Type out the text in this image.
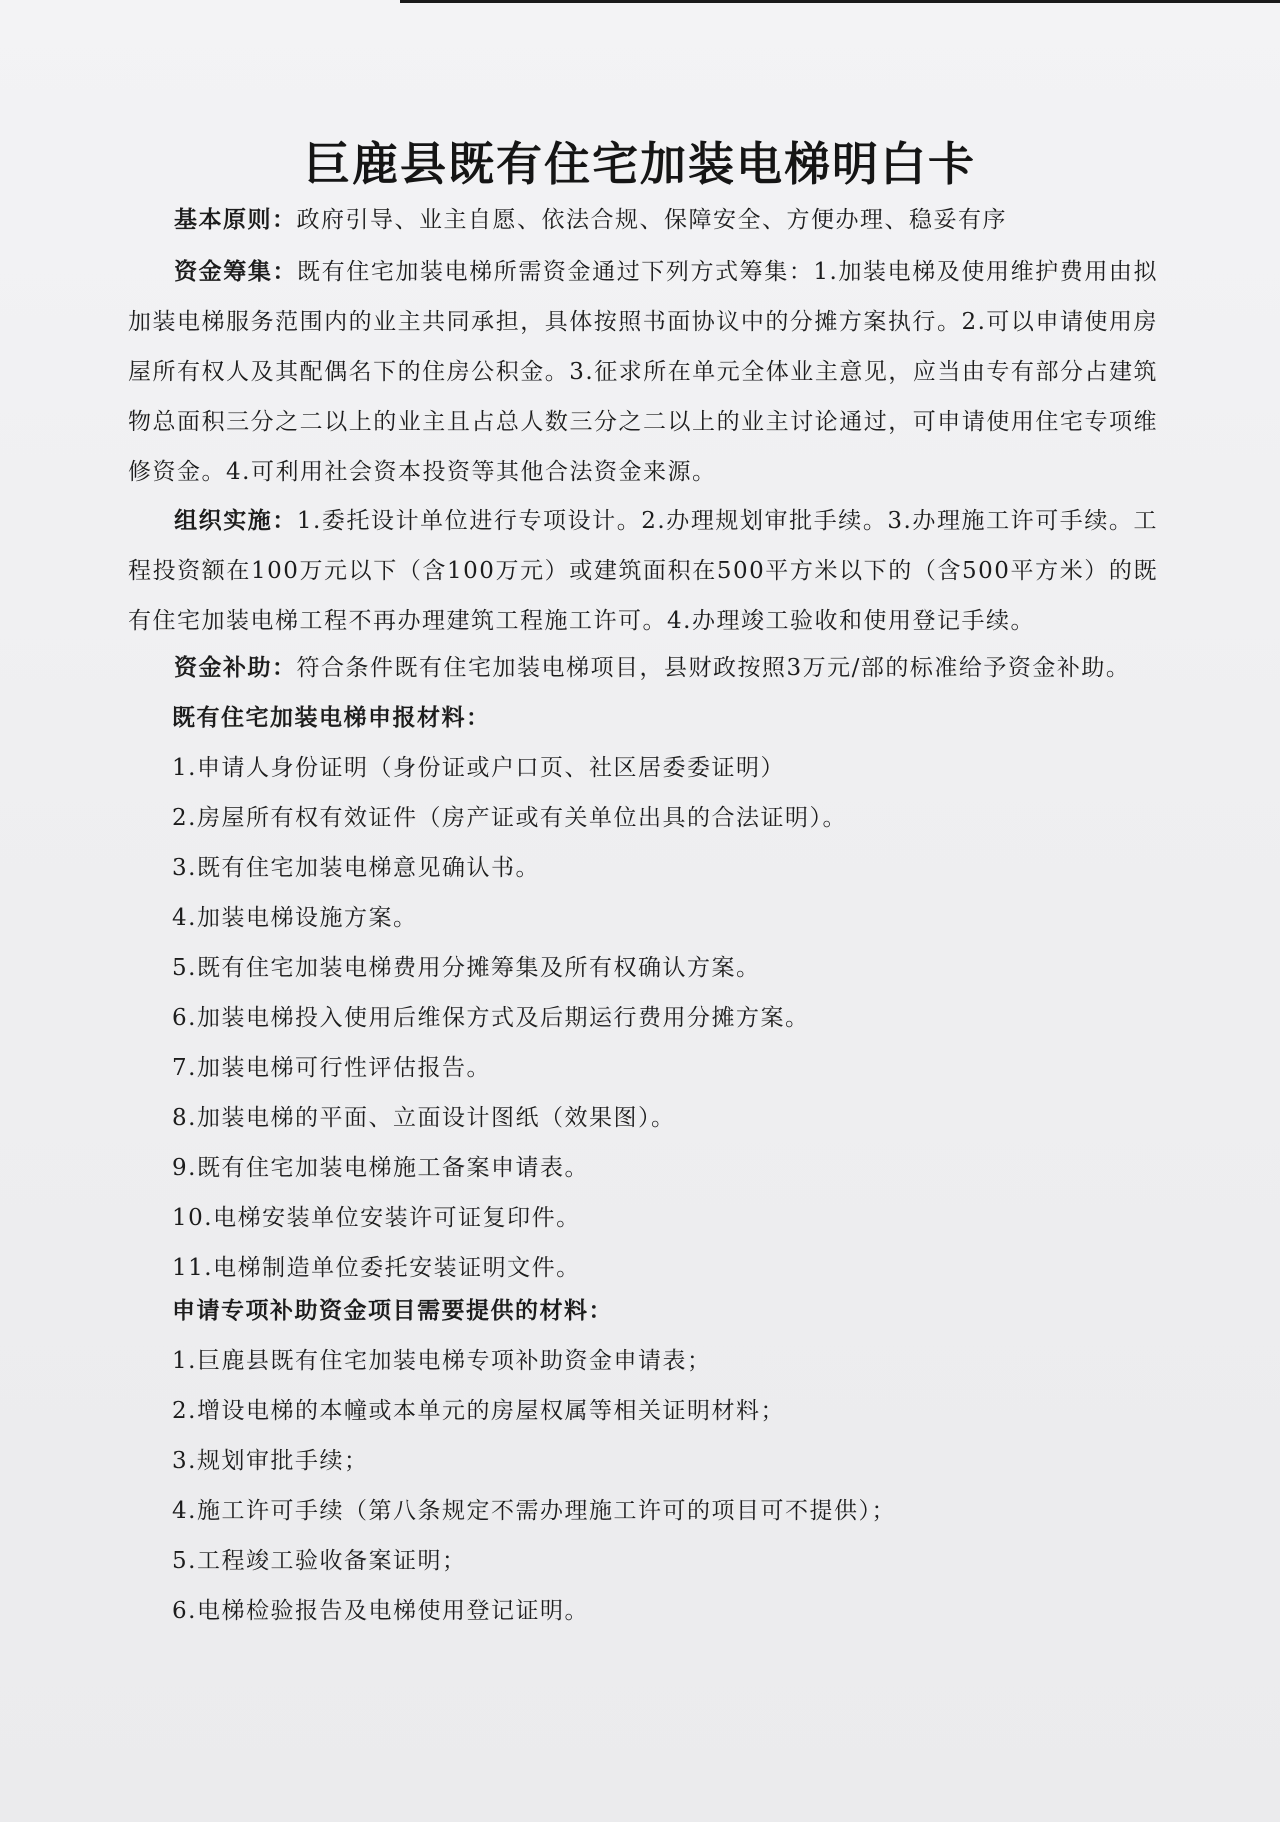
巨鹿县既有住宅加装电梯明白卡
基本原则：政府引导、业主自愿、依法合规、保障安全、方便办理、稳妥有序
资金筹集：既有住宅加装电梯所需资金通过下列方式筹集：1.加装电梯及使用维护费用由拟加装电梯服务范围内的业主共同承担，具体按照书面协议中的分摊方案执行。2.可以申请使用房屋所有权人及其配偶名下的住房公积金。3.征求所在单元全体业主意见，应当由专有部分占建筑物总面积三分之二以上的业主且占总人数三分之二以上的业主讨论通过，可申请使用住宅专项维修资金。4.可利用社会资本投资等其他合法资金来源。
组织实施：1.委托设计单位进行专项设计。2.办理规划审批手续。3.办理施工许可手续。工程投资额在100万元以下（含100万元）或建筑面积在500平方米以下的（含500平方米）的既有住宅加装电梯工程不再办理建筑工程施工许可。4.办理竣工验收和使用登记手续。
资金补助：符合条件既有住宅加装电梯项目，县财政按照3万元/部的标准给予资金补助。
既有住宅加装电梯申报材料：
1.申请人身份证明（身份证或户口页、社区居委委证明）
2.房屋所有权有效证件（房产证或有关单位出具的合法证明）。
3.既有住宅加装电梯意见确认书。
4.加装电梯设施方案。
5.既有住宅加装电梯费用分摊筹集及所有权确认方案。
6.加装电梯投入使用后维保方式及后期运行费用分摊方案。
7.加装电梯可行性评估报告。
8.加装电梯的平面、立面设计图纸（效果图）。
9.既有住宅加装电梯施工备案申请表。
10.电梯安装单位安装许可证复印件。
11.电梯制造单位委托安装证明文件。
申请专项补助资金项目需要提供的材料：
1.巨鹿县既有住宅加装电梯专项补助资金申请表；
2.增设电梯的本幢或本单元的房屋权属等相关证明材料；
3.规划审批手续；
4.施工许可手续（第八条规定不需办理施工许可的项目可不提供）；
5.工程竣工验收备案证明；
6.电梯检验报告及电梯使用登记证明。
